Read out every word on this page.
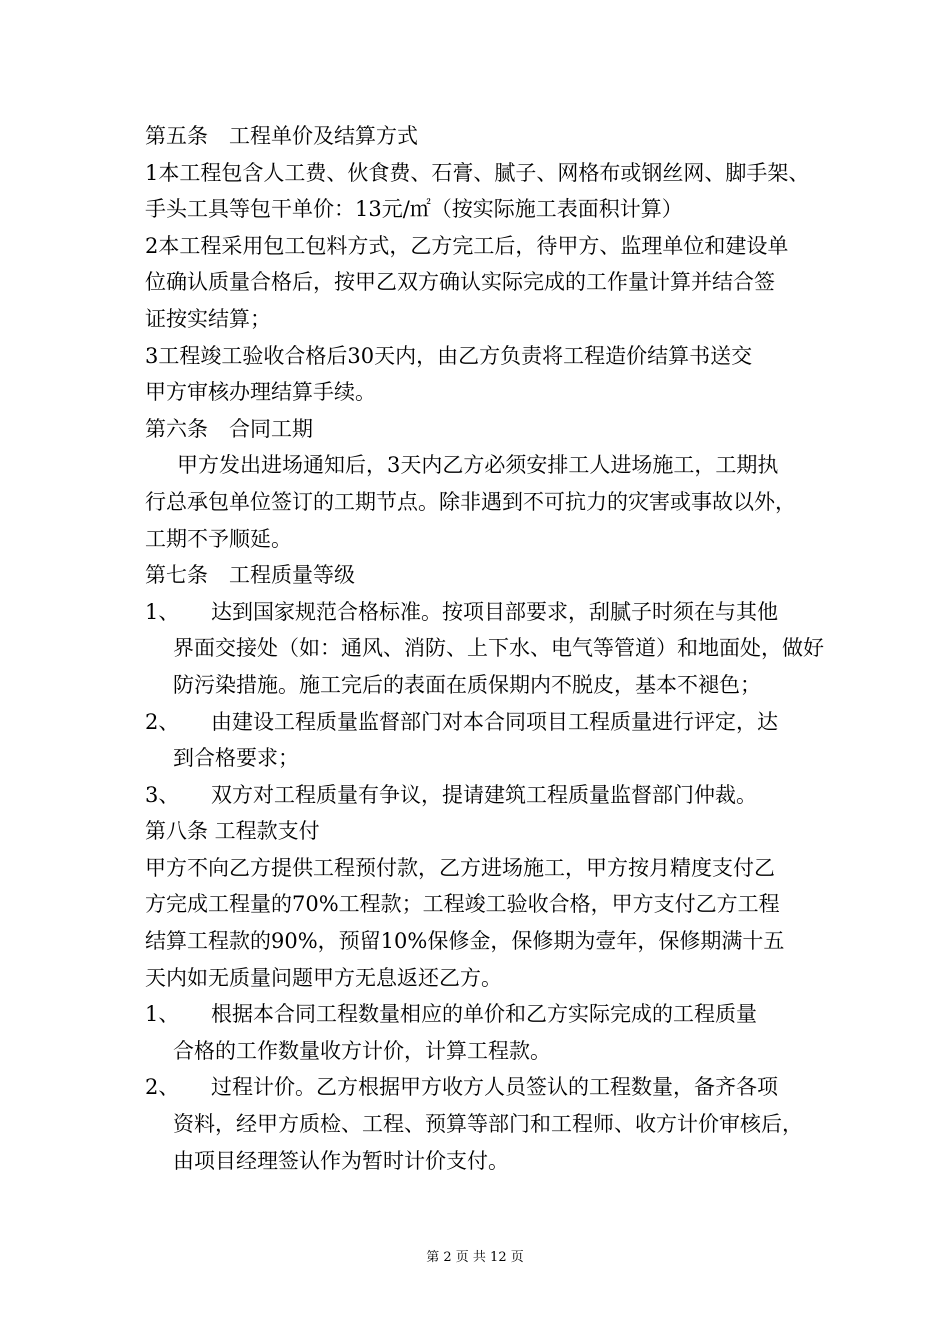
第五条　工程单价及结算方式
1本工程包含人工费、伙食费、石膏、腻子、网格布或钢丝网、脚手架、
手头工具等包干单价：13元/㎡（按实际施工表面积计算）
2本工程采用包工包料方式，乙方完工后，待甲方、监理单位和建设单
位确认质量合格后，按甲乙双方确认实际完成的工作量计算并结合签
证按实结算；
3工程竣工验收合格后30天内，由乙方负责将工程造价结算书送交
甲方审核办理结算手续。
第六条　合同工期
甲方发出进场通知后，3天内乙方必须安排工人进场施工，工期执
行总承包单位签订的工期节点。除非遇到不可抗力的灾害或事故以外，
工期不予顺延。
第七条　工程质量等级
1、 达到国家规范合格标准。按项目部要求，刮腻子时须在与其他
界面交接处（如：通风、消防、上下水、电气等管道）和地面处，做好
防污染措施。施工完后的表面在质保期内不脱皮，基本不褪色；
2、 由建设工程质量监督部门对本合同项目工程质量进行评定，达
到合格要求；
3、 双方对工程质量有争议，提请建筑工程质量监督部门仲裁。
第八条 工程款支付
甲方不向乙方提供工程预付款，乙方进场施工，甲方按月精度支付乙
方完成工程量的70%工程款；工程竣工验收合格，甲方支付乙方工程
结算工程款的90%，预留10%保修金，保修期为壹年，保修期满十五
天内如无质量问题甲方无息返还乙方。
1、 根据本合同工程数量相应的单价和乙方实际完成的工程质量
合格的工作数量收方计价，计算工程款。
2、 过程计价。乙方根据甲方收方人员签认的工程数量，备齐各项
资料，经甲方质检、工程、预算等部门和工程师、收方计价审核后，
由项目经理签认作为暂时计价支付。
第 2 页 共 12 页
